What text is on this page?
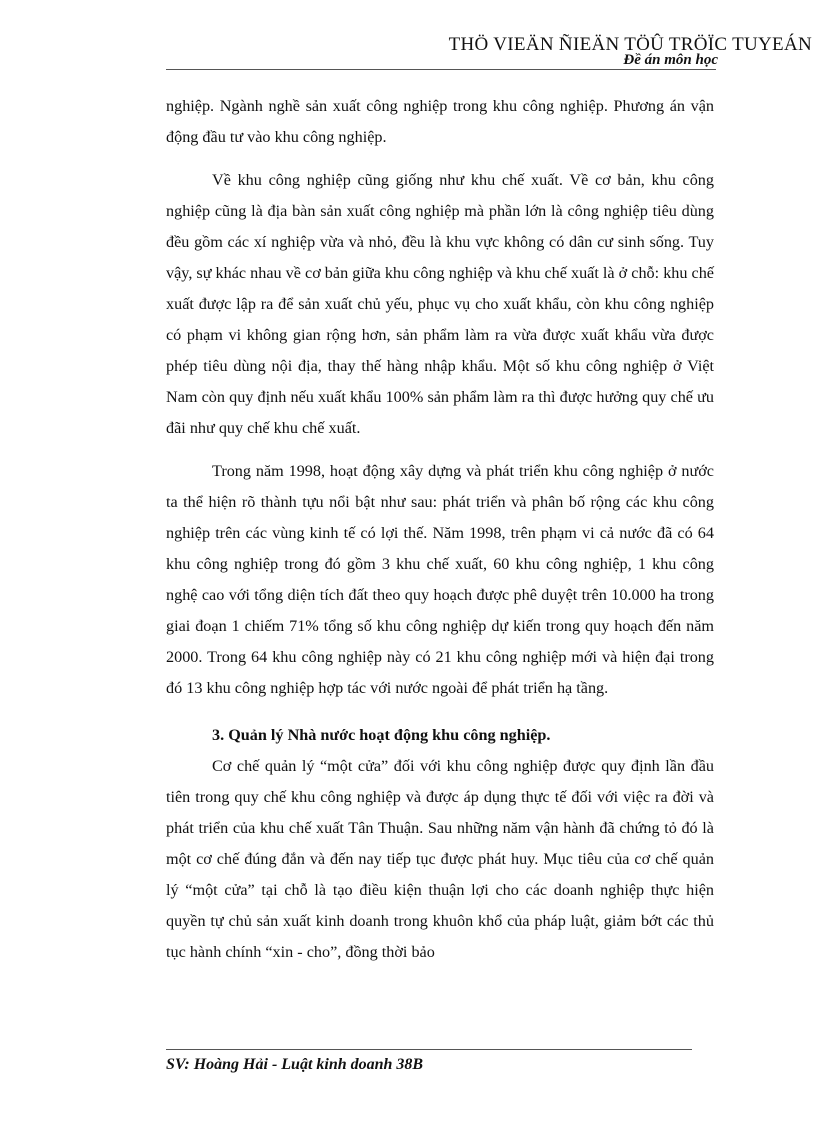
THÖ VIEÄN ÑIEÄN TÖÛ TRÖÏC TUYEÁN
Đề án môn học

nghiệp. Ngành nghề sản xuất công nghiệp trong khu công nghiệp. Phương án vận động đầu tư vào khu công nghiệp.

Về khu công nghiệp cũng giống như khu chế xuất. Về cơ bản, khu công nghiệp cũng là địa bàn sản xuất công nghiệp mà phần lớn là công nghiệp tiêu dùng đều gồm các xí nghiệp vừa và nhỏ, đều là khu vực không có dân cư sinh sống. Tuy vậy, sự khác nhau về cơ bản giữa khu công nghiệp và khu chế xuất là ở chỗ: khu chế xuất được lập ra để sản xuất chủ yếu, phục vụ cho xuất khẩu, còn khu công nghiệp có phạm vi không gian rộng hơn, sản phẩm làm ra vừa được xuất khẩu vừa được phép tiêu dùng nội địa, thay thế hàng nhập khẩu. Một số khu công nghiệp ở Việt Nam còn quy định nếu xuất khẩu 100% sản phẩm làm ra thì được hưởng quy chế ưu đãi như quy chế khu chế xuất.

Trong năm 1998, hoạt động xây dựng và phát triển khu công nghiệp ở nước ta thể hiện rõ thành tựu nổi bật như sau: phát triển và phân bố rộng các khu công nghiệp trên các vùng kinh tế có lợi thế. Năm 1998, trên phạm vi cả nước đã có 64 khu công nghiệp trong đó gồm 3 khu chế xuất, 60 khu công nghiệp, 1 khu công nghệ cao với tổng diện tích đất theo quy hoạch được phê duyệt trên 10.000 ha trong giai đoạn 1 chiếm 71% tổng số khu công nghiệp dự kiến trong quy hoạch đến năm 2000. Trong 64 khu công nghiệp này có 21 khu công nghiệp mới và hiện đại trong đó 13 khu công nghiệp hợp tác với nước ngoài để phát triển hạ tầng.

3. Quản lý Nhà nước hoạt động khu công nghiệp.

Cơ chế quản lý “một cửa” đối với khu công nghiệp được quy định lần đầu tiên trong quy chế khu công nghiệp và được áp dụng thực tế đối với việc ra đời và phát triển của khu chế xuất Tân Thuận. Sau những năm vận hành đã chứng tỏ đó là một cơ chế đúng đắn và đến nay tiếp tục được phát huy. Mục tiêu của cơ chế quản lý “một cửa” tại chỗ là tạo điều kiện thuận lợi cho các doanh nghiệp thực hiện quyền tự chủ sản xuất kinh doanh trong khuôn khổ của pháp luật, giảm bớt các thủ tục hành chính “xin - cho”, đồng thời bảo

SV: Hoàng Hải - Luật kinh doanh 38B
